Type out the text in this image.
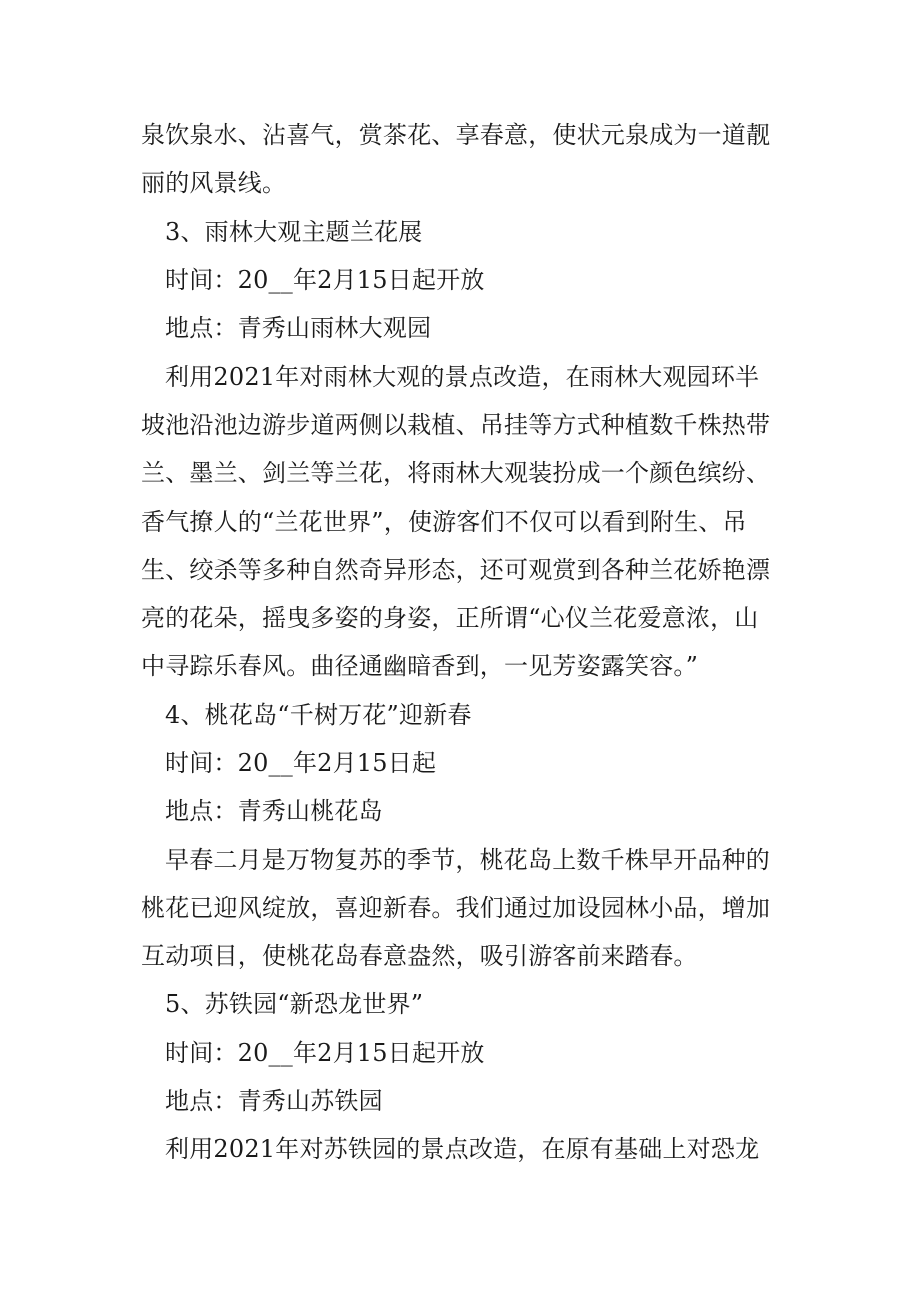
泉饮泉水、沾喜气，赏茶花、享春意，使状元泉成为一道靓
丽的风景线。
3、雨林大观主题兰花展
时间：20__年2月15日起开放
地点：青秀山雨林大观园
利用2021年对雨林大观的景点改造，在雨林大观园环半
坡池沿池边游步道两侧以栽植、吊挂等方式种植数千株热带
兰、墨兰、剑兰等兰花，将雨林大观装扮成一个颜色缤纷、
香气撩人的“兰花世界”，使游客们不仅可以看到附生、吊
生、绞杀等多种自然奇异形态，还可观赏到各种兰花娇艳漂
亮的花朵，摇曳多姿的身姿，正所谓“心仪兰花爱意浓，山
中寻踪乐春风。曲径通幽暗香到，一见芳姿露笑容。”
4、桃花岛“千树万花”迎新春
时间：20__年2月15日起
地点：青秀山桃花岛
早春二月是万物复苏的季节，桃花岛上数千株早开品种的
桃花已迎风绽放，喜迎新春。我们通过加设园林小品，增加
互动项目，使桃花岛春意盎然，吸引游客前来踏春。
5、苏铁园“新恐龙世界”
时间：20__年2月15日起开放
地点：青秀山苏铁园
利用2021年对苏铁园的景点改造，在原有基础上对恐龙
